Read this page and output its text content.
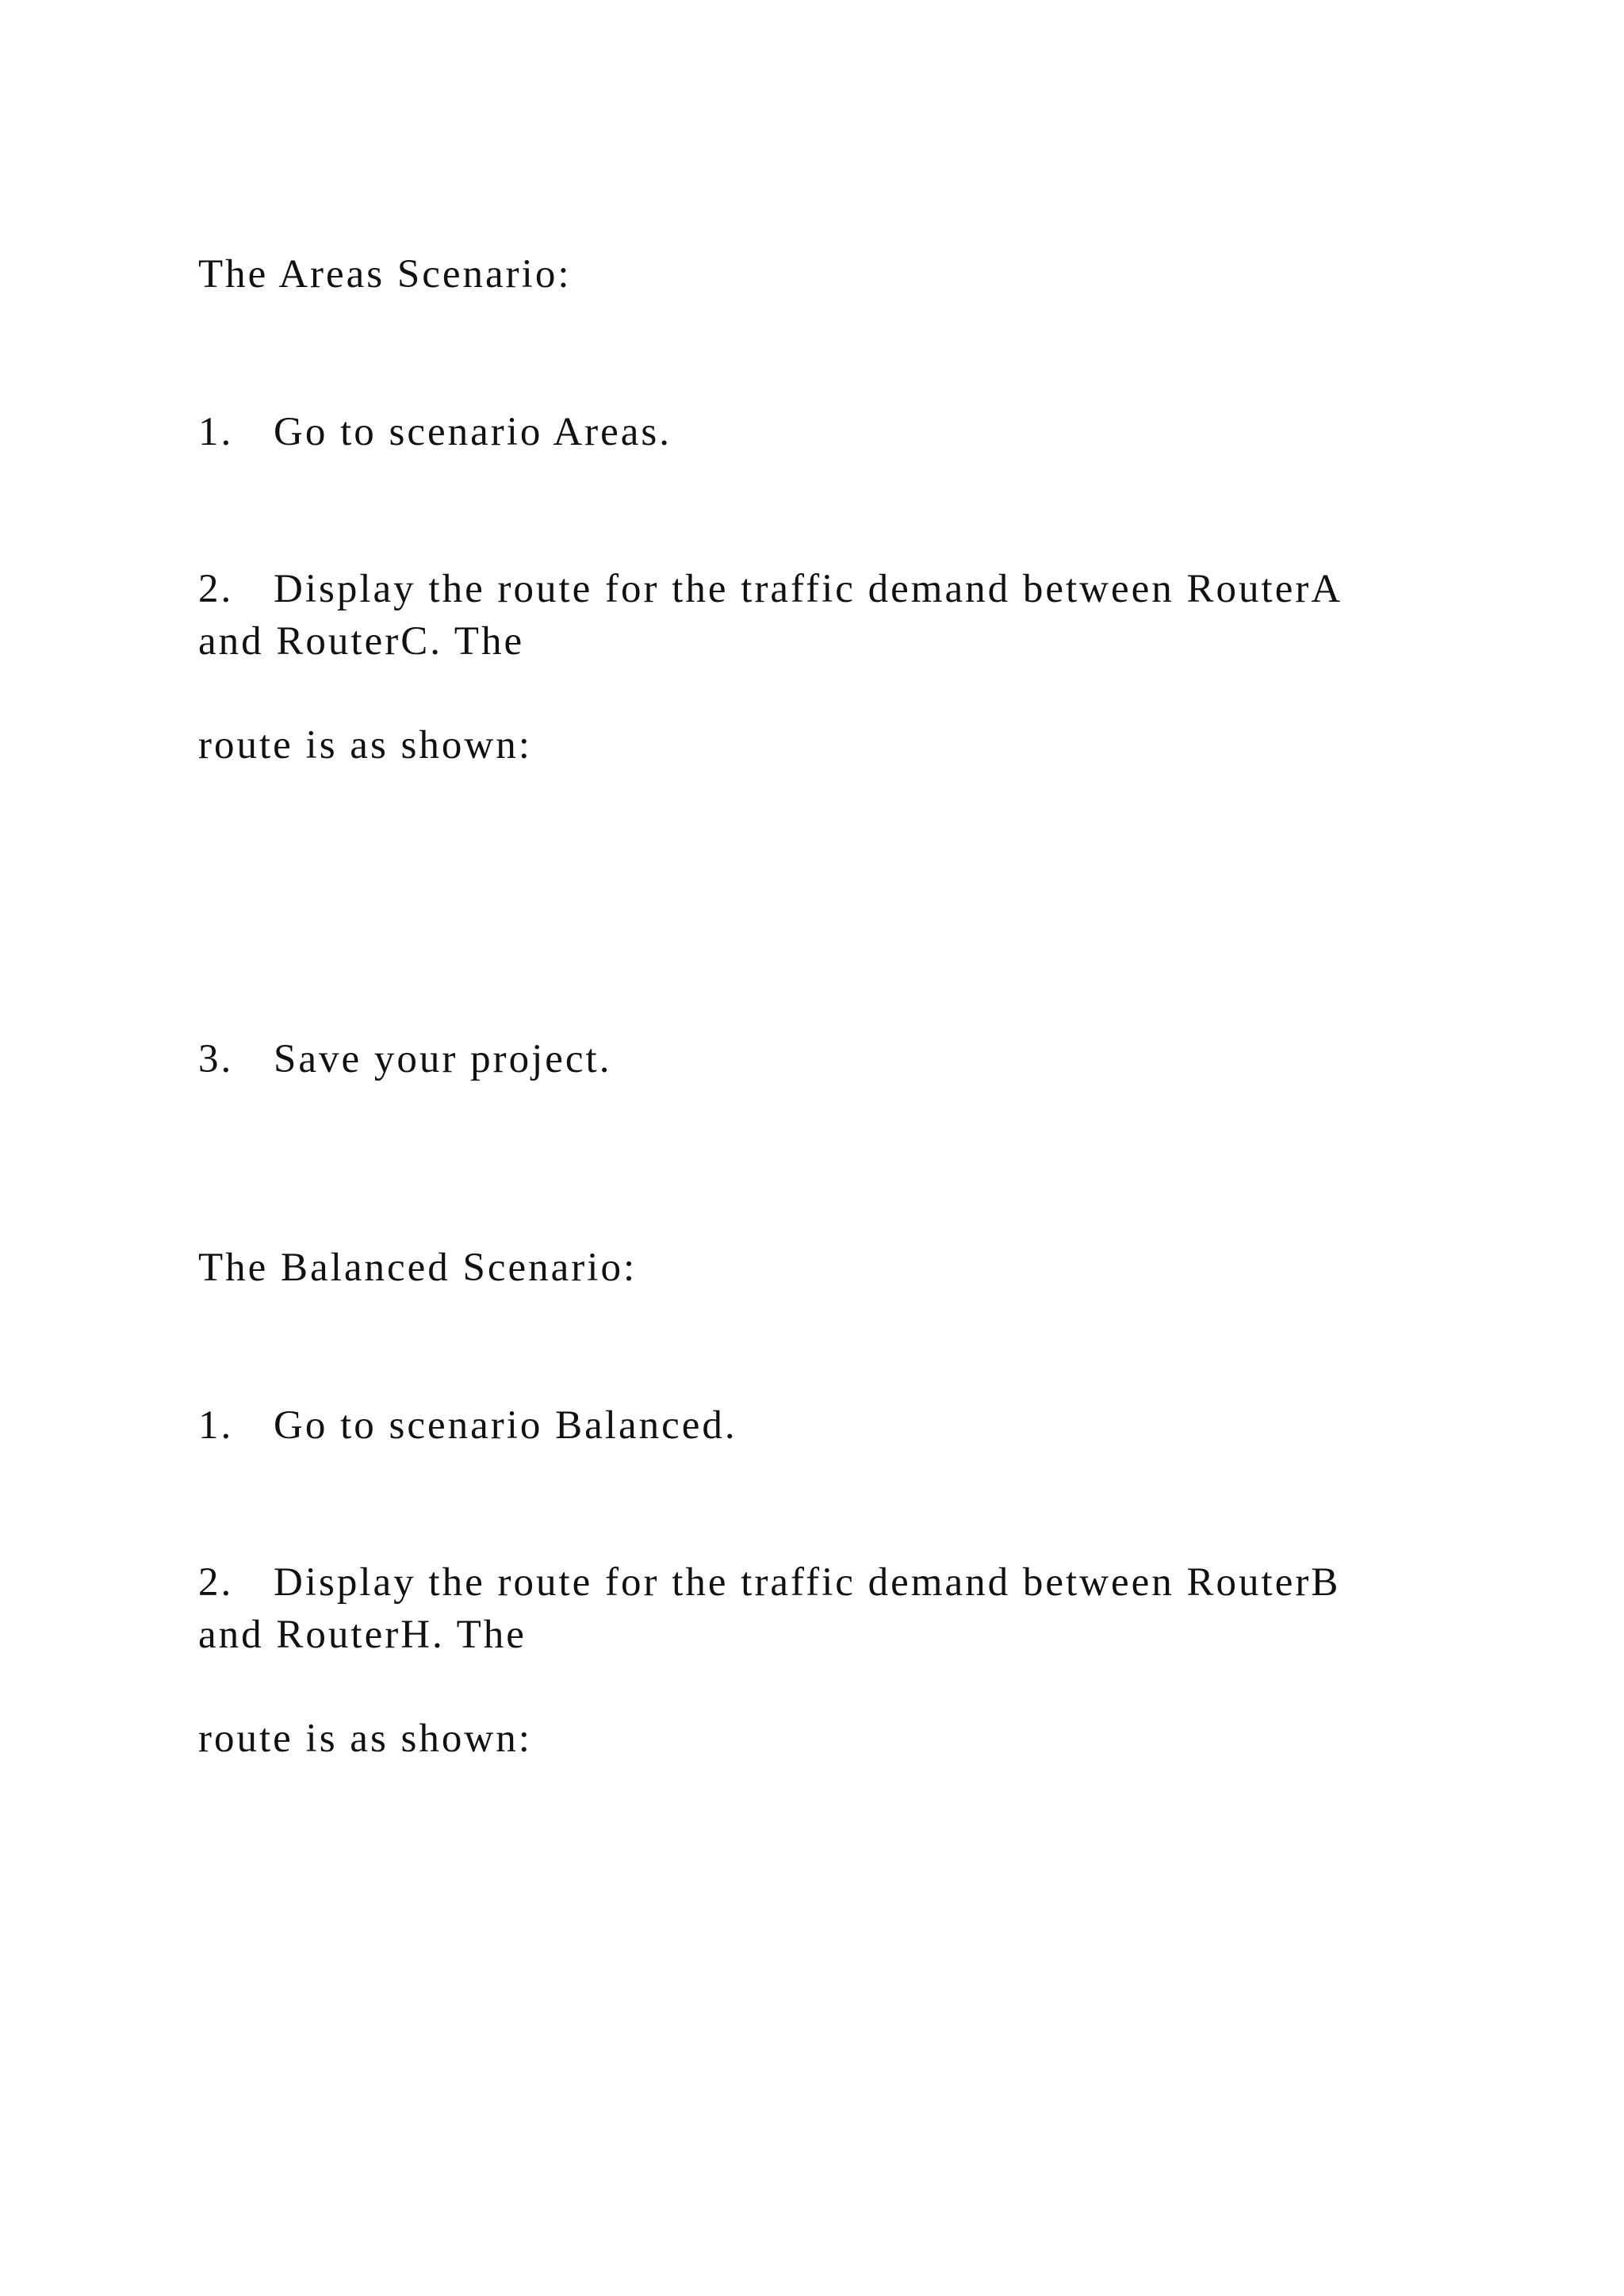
The Areas Scenario:
1. Go to scenario Areas.
2. Display the route for the traffic demand between RouterA
and RouterC. The
route is as shown:
3. Save your project.
The Balanced Scenario:
1. Go to scenario Balanced.
2. Display the route for the traffic demand between RouterB
and RouterH. The
route is as shown:
